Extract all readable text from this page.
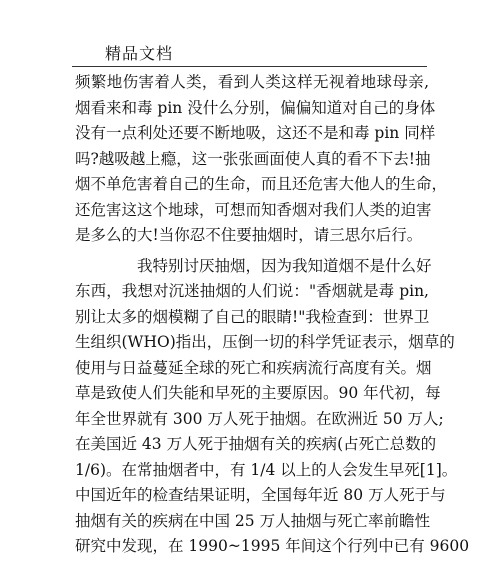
精品文档
频繁地伤害着人类，看到人类这样无视着地球母亲,
烟看来和毒 pin 没什么分别，偏偏知道对自己的身体
没有一点利处还要不断地吸，这还不是和毒 pin 同样
吗?越吸越上瘾，这一张张画面使人真的看不下去!抽
烟不单危害着自己的生命，而且还危害大他人的生命，
还危害这这个地球，可想而知香烟对我们人类的迫害
是多么的大!当你忍不住要抽烟时，请三思尔后行。
我特别讨厌抽烟，因为我知道烟不是什么好
东西，我想对沉迷抽烟的人们说："香烟就是毒 pin,
别让太多的烟模糊了自己的眼睛!"我检查到：世界卫
生组织(WHO)指出，压倒一切的科学凭证表示，烟草的
使用与日益蔓延全球的死亡和疾病流行高度有关。烟
草是致使人们失能和早死的主要原因。90 年代初，每
年全世界就有 300 万人死于抽烟。在欧洲近 50 万人;
在美国近 43 万人死于抽烟有关的疾病(占死亡总数的
1/6)。在常抽烟者中，有 1/4 以上的人会发生早死[1]。
中国近年的检查结果证明，全国每年近 80 万人死于与
抽烟有关的疾病在中国 25 万人抽烟与死亡率前瞻性
研究中发现，在 1990~1995 年间这个行列中已有 9600
